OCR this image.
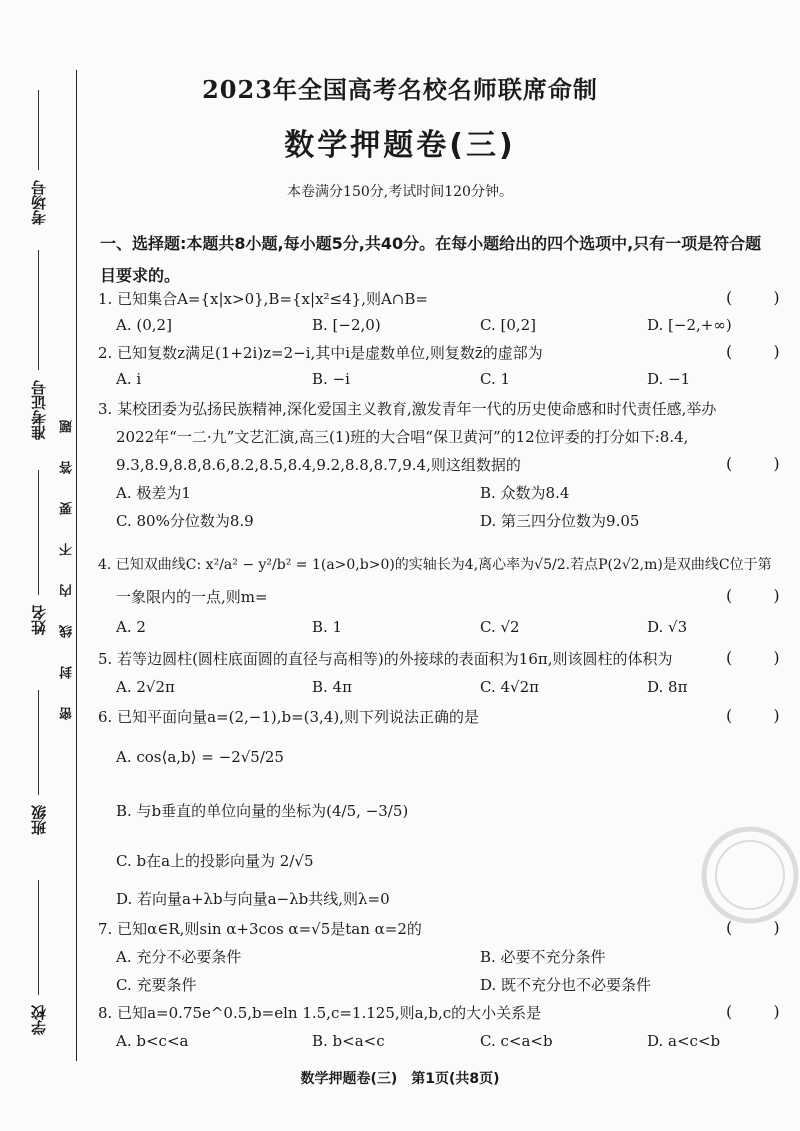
考场号
准考证号
姓名
班级
学校
密封线内不要答题
2023年全国高考名校名师联席命制
数学押题卷(三)
本卷满分150分,考试时间120分钟。
一、选择题:本题共8小题,每小题5分,共40分。在每小题给出的四个选项中,只有一项是符合题
目要求的。
1. 已知集合A={x|x>0},B={x|x²≤4},则A∩B=	( )
A. (0,2]	B. [−2,0)	C. [0,2]	D. [−2,+∞)
2. 已知复数z满足(1+2i)z=2−i,其中i是虚数单位,则复数z̄的虚部为	( )
A. i	B. −i	C. 1	D. −1
3. 某校团委为弘扬民族精神,深化爱国主义教育,激发青年一代的历史使命感和时代责任感,举办
2022年“一二·九”文艺汇演,高三(1)班的大合唱“保卫黄河”的12位评委的打分如下:8.4,
9.3,8.9,8.8,8.6,8.2,8.5,8.4,9.2,8.8,8.7,9.4,则这组数据的	( )
A. 极差为1	B. 众数为8.4
C. 80%分位数为8.9	D. 第三四分位数为9.05
4. 已知双曲线C: x²/a² − y²/b² = 1(a>0,b>0)的实轴长为4,离心率为√5/2.若点P(2√2,m)是双曲线C位于第
一象限内的一点,则m=	( )
A. 2	B. 1	C. √2	D. √3
5. 若等边圆柱(圆柱底面圆的直径与高相等)的外接球的表面积为16π,则该圆柱的体积为	( )
A. 2√2π	B. 4π	C. 4√2π	D. 8π
6. 已知平面向量a=(2,−1),b=(3,4),则下列说法正确的是	( )
A. cos⟨a,b⟩ = −2√5/25
B. 与b垂直的单位向量的坐标为(4/5, −3/5)
C. b在a上的投影向量为 2/√5
D. 若向量a+λb与向量a−λb共线,则λ=0
7. 已知α∈R,则sin α+3cos α=√5是tan α=2的	( )
A. 充分不必要条件	B. 必要不充分条件
C. 充要条件	D. 既不充分也不必要条件
8. 已知a=0.75e^0.5,b=eln 1.5,c=1.125,则a,b,c的大小关系是	( )
A. b<c<a	B. b<a<c	C. c<a<b	D. a<c<b
数学押题卷(三)　第1页(共8页)
